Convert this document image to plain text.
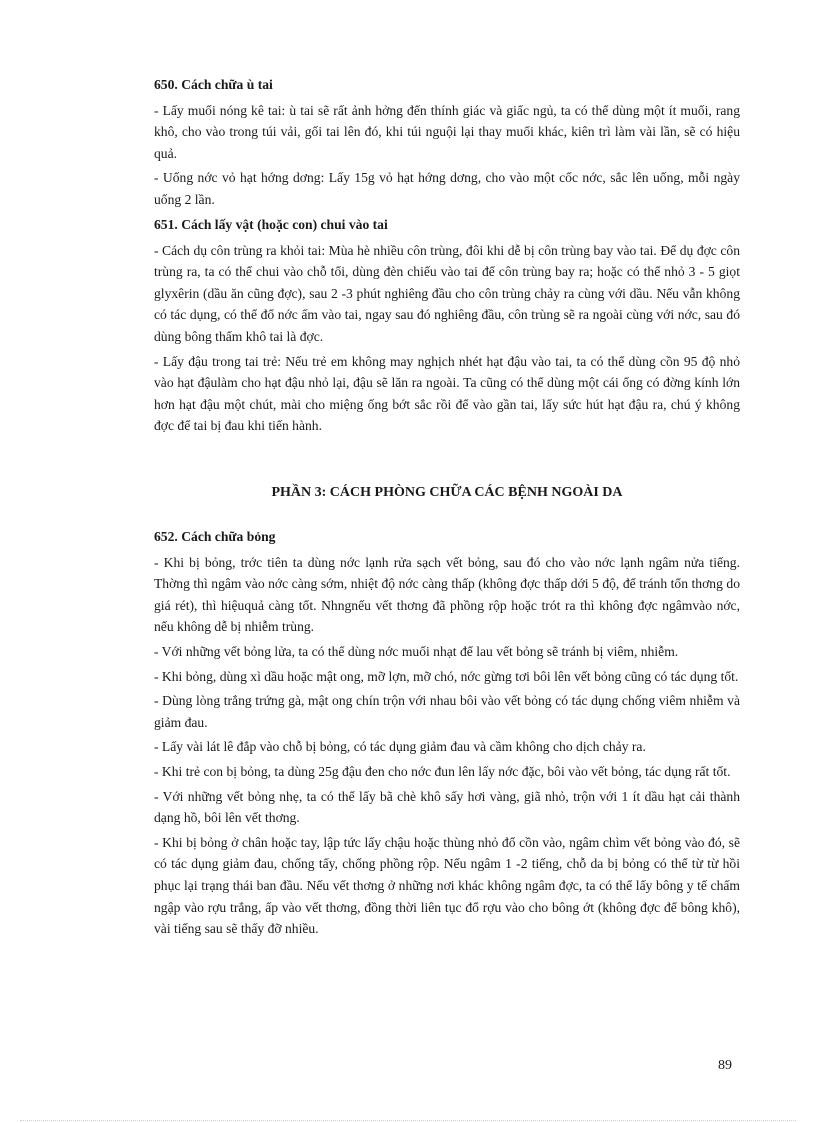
650. Cách chữa ù tai

- Lấy muối nóng kê tai: ù tai sẽ rất ảnh hởng đến thính giác và giấc ngủ, ta có thể dùng một ít muối, rang khô, cho vào trong túi vải, gối tai lên đó, khi túi nguội lại thay muối khác, kiên trì làm vài lần, sẽ có hiệu quả.

- Uống nớc vỏ hạt hớng dơng: Lấy 15g vỏ hạt hớng dơng, cho vào một cốc nớc, sắc lên uống, mỗi ngày uống 2 lần.

651. Cách lấy vật (hoặc con) chui vào tai

- Cách dụ côn trùng ra khỏi tai: Mùa hè nhiều côn trùng, đôi khi dễ bị côn trùng bay vào tai. Để dụ đợc côn trùng ra, ta có thể chui vào chỗ tối, dùng đèn chiếu vào tai để côn trùng bay ra; hoặc có thể nhỏ 3 - 5 giọt glyxêrin (dầu ăn cũng đợc), sau 2 -3 phút nghiêng đầu cho côn trùng chảy ra cùng với dầu. Nếu vẫn không có tác dụng, có thể đổ nớc ấm vào tai, ngay sau đó nghiêng đầu, côn trùng sẽ ra ngoài cùng với nớc, sau đó dùng bông thấm khô tai là đợc.

- Lấy đậu trong tai trẻ: Nếu trẻ em không may nghịch nhét hạt đậu vào tai, ta có thể dùng cồn 95 độ nhỏ vào hạt đậulàm cho hạt đậu nhỏ lại, đậu sẽ lăn ra ngoài. Ta cũng có thể dùng một cái ống có đờng kính lớn hơn hạt đậu một chút, mài cho miệng ống bớt sắc rồi để vào gần tai, lấy sức hút hạt đậu ra, chú ý không đợc để tai bị đau khi tiến hành.

PHẦN 3: CÁCH PHÒNG CHỮA CÁC BỆNH NGOÀI DA
652. Cách chữa bỏng

- Khi bị bỏng, trớc tiên ta dùng nớc lạnh rửa sạch vết bỏng, sau đó cho vào nớc lạnh ngâm nửa tiếng. Thờng thì ngâm vào nớc càng sớm, nhiệt độ nớc càng thấp (không đợc thấp dới 5 độ, để tránh tổn thơng do giá rét), thì hiệuquả càng tốt. Nhngnếu vết thơng đã phồng rộp hoặc trót ra thì không đợc ngâmvào nớc, nếu không dễ bị nhiễm trùng.

- Với những vết bỏng lửa, ta có thể dùng nớc muối nhạt để lau vết bỏng sẽ tránh bị viêm, nhiễm.

- Khi bỏng, dùng xì dầu hoặc mật ong, mỡ lợn, mỡ chó, nớc gừng tơi bôi lên vết bỏng cũng có tác dụng tốt.

- Dùng lòng trắng trứng gà, mật ong chín trộn với nhau bôi vào vết bỏng có tác dụng chống viêm nhiễm và giảm đau.

- Lấy vài lát lê đắp vào chỗ bị bỏng, có tác dụng giảm đau và cầm không cho dịch chảy ra.

- Khi trẻ con bị bỏng, ta dùng 25g đậu đen cho nớc đun lên lấy nớc đặc, bôi vào vết bỏng, tác dụng rất tốt.

- Với những vết bỏng nhẹ, ta có thể lấy bã chè khô sấy hơi vàng, giã nhỏ, trộn với 1 ít dầu hạt cải thành dạng hồ, bôi lên vết thơng.

- Khi bị bỏng ở chân hoặc tay, lập tức lấy chậu hoặc thùng nhỏ đổ cồn vào, ngâm chìm vết bỏng vào đó, sẽ có tác dụng giảm đau, chống tấy, chống phồng rộp. Nếu ngâm 1 -2 tiếng, chỗ da bị bỏng có thể từ từ hồi phục lại trạng thái ban đầu. Nếu vết thơng ở những nơi khác không ngâm đợc, ta có thể lấy bông y tế chấm ngập vào rợu trắng, ấp vào vết thơng, đồng thời liên tục đổ rợu vào cho bông ớt (không đợc để bông khô), vài tiếng sau sẽ thấy đỡ nhiều.

89
